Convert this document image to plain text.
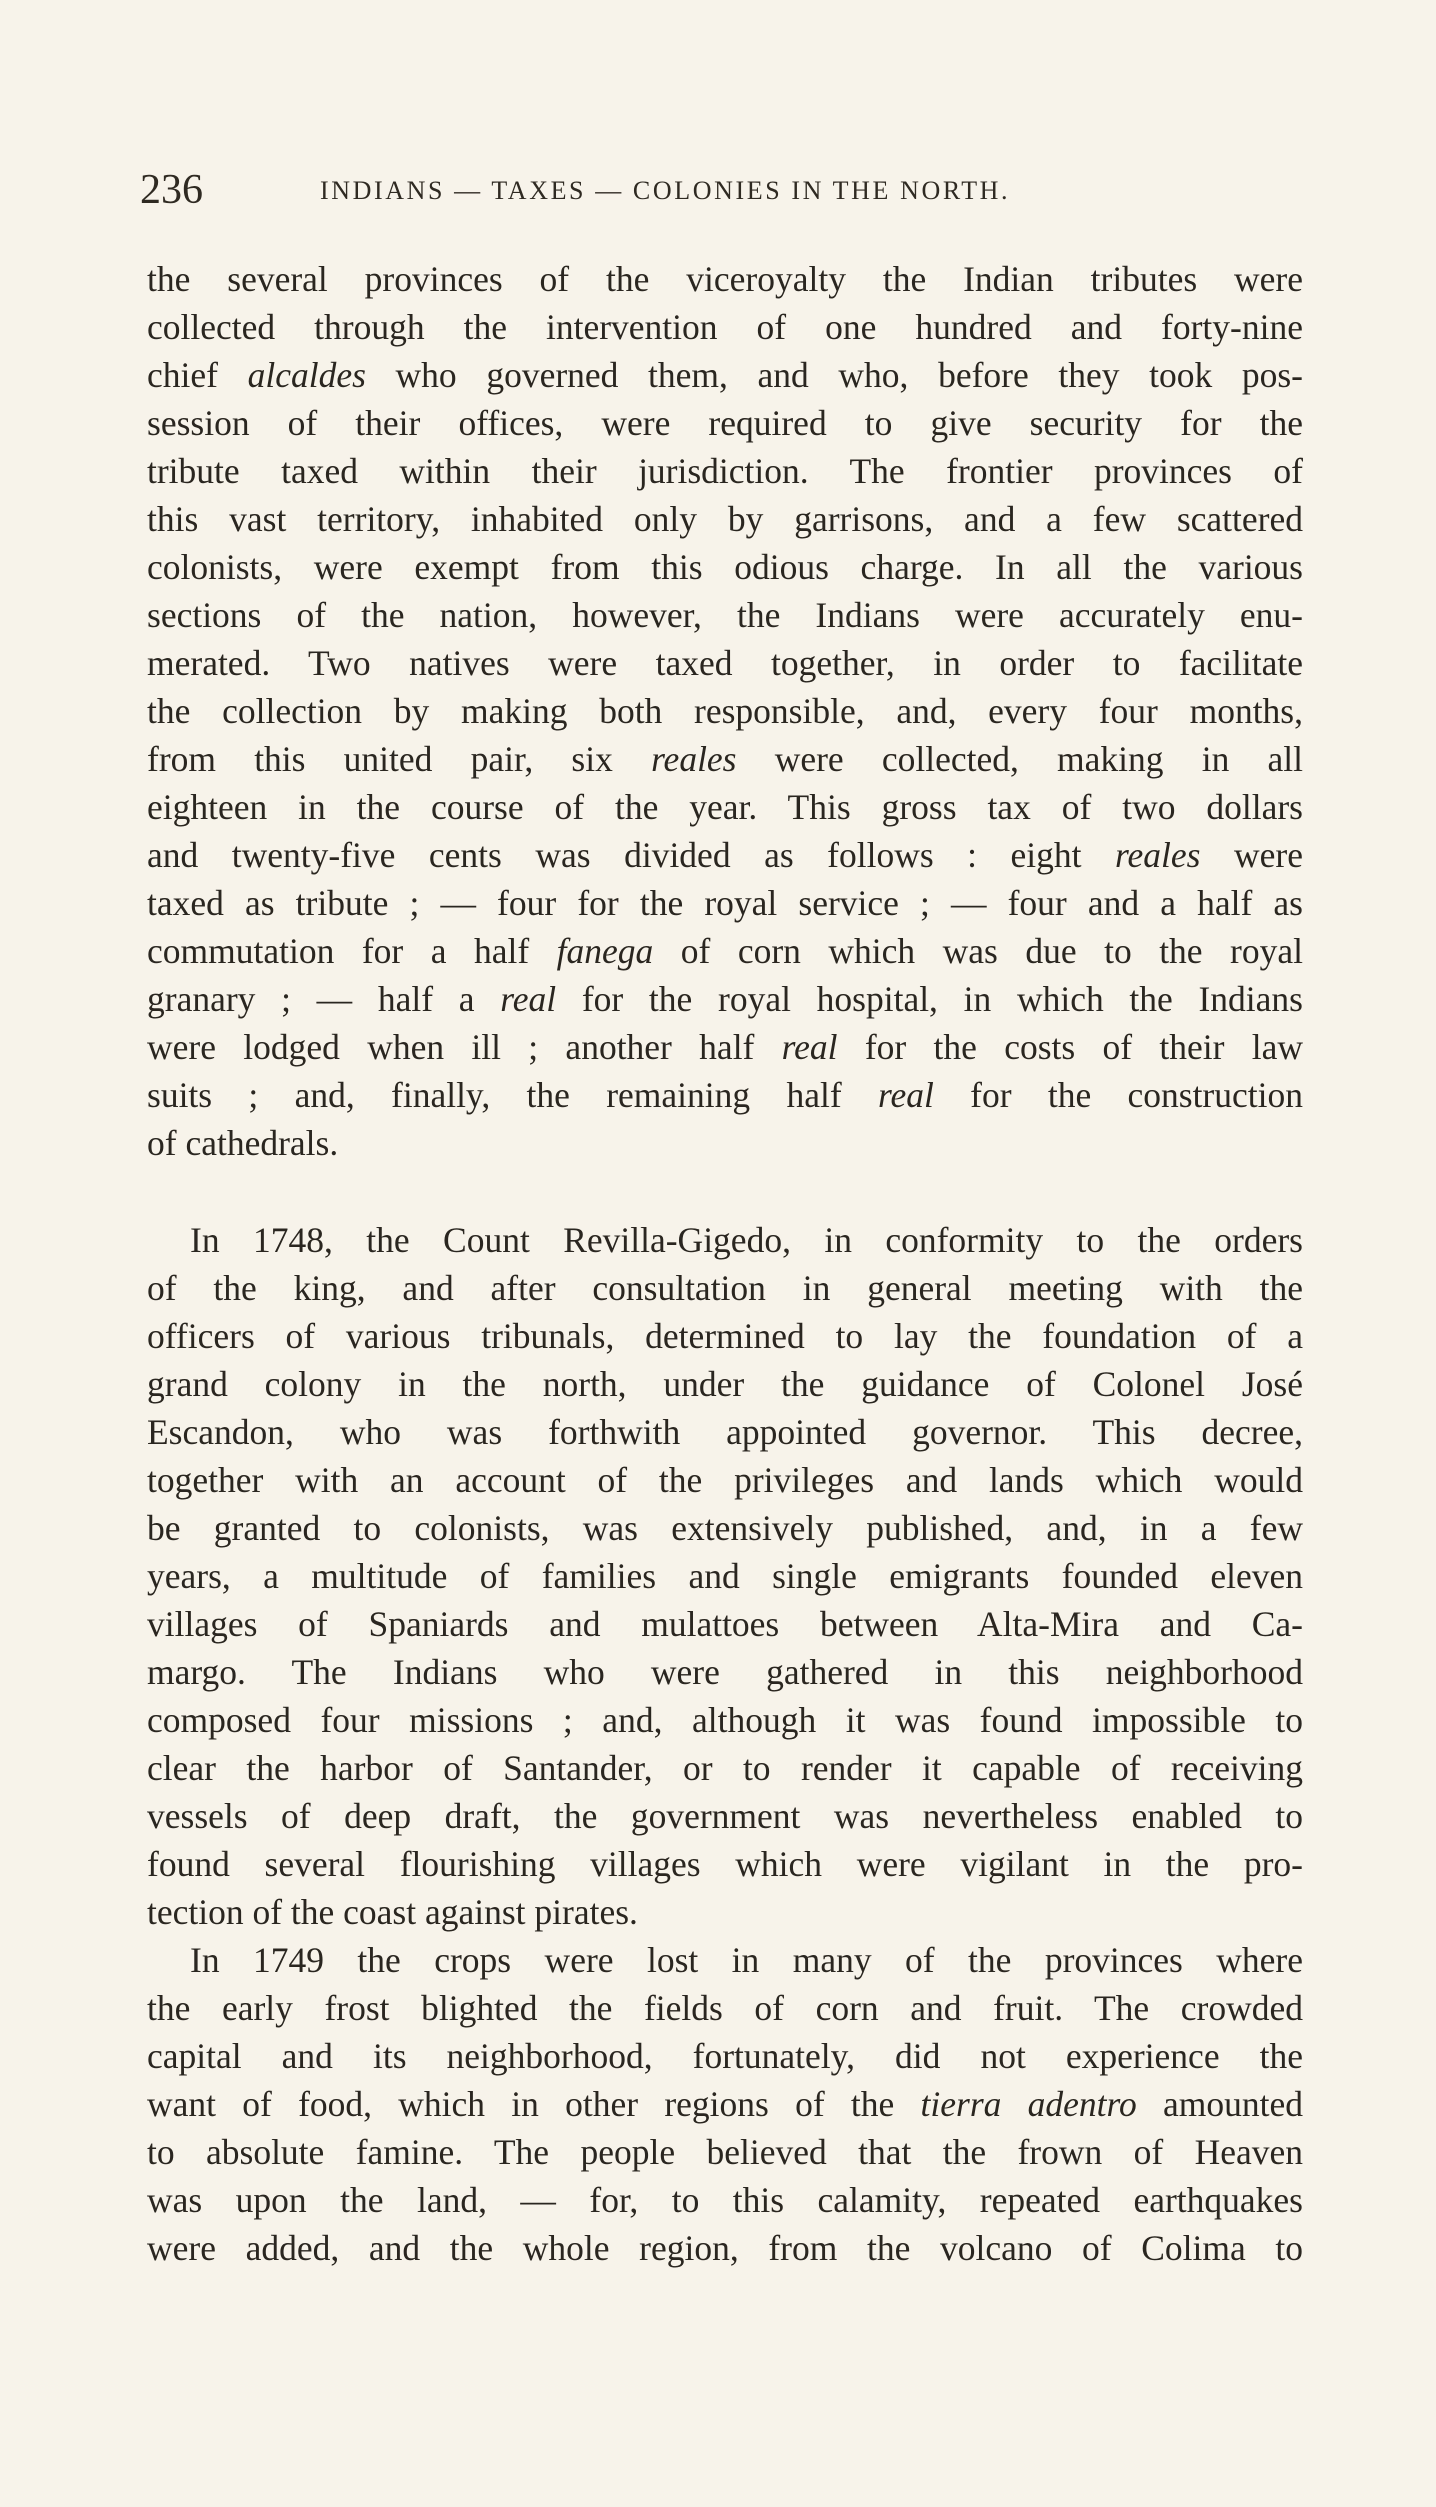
236	INDIANS — TAXES — COLONIES IN THE NORTH.
the several provinces of the viceroyalty the Indian tributes were
collected through the intervention of one hundred and forty-nine
chief alcaldes who governed them, and who, before they took pos-
session of their offices, were required to give security for the
tribute taxed within their jurisdiction. The frontier provinces of
this vast territory, inhabited only by garrisons, and a few scattered
colonists, were exempt from this odious charge. In all the various
sections of the nation, however, the Indians were accurately enu-
merated. Two natives were taxed together, in order to facilitate
the collection by making both responsible, and, every four months,
from this united pair, six reales were collected, making in all
eighteen in the course of the year. This gross tax of two dollars
and twenty-five cents was divided as follows : eight reales were
taxed as tribute ; — four for the royal service ; — four and a half as
commutation for a half fanega of corn which was due to the royal
granary ; — half a real for the royal hospital, in which the Indians
were lodged when ill ; another half real for the costs of their law
suits ; and, finally, the remaining half real for the construction
of cathedrals.
In 1748, the Count Revilla-Gigedo, in conformity to the orders
of the king, and after consultation in general meeting with the
officers of various tribunals, determined to lay the foundation of a
grand colony in the north, under the guidance of Colonel José
Escandon, who was forthwith appointed governor. This decree,
together with an account of the privileges and lands which would
be granted to colonists, was extensively published, and, in a few
years, a multitude of families and single emigrants founded eleven
villages of Spaniards and mulattoes between Alta-Mira and Ca-
margo. The Indians who were gathered in this neighborhood
composed four missions ; and, although it was found impossible to
clear the harbor of Santander, or to render it capable of receiving
vessels of deep draft, the government was nevertheless enabled to
found several flourishing villages which were vigilant in the pro-
tection of the coast against pirates.
In 1749 the crops were lost in many of the provinces where
the early frost blighted the fields of corn and fruit. The crowded
capital and its neighborhood, fortunately, did not experience the
want of food, which in other regions of the tierra adentro amounted
to absolute famine. The people believed that the frown of Heaven
was upon the land, — for, to this calamity, repeated earthquakes
were added, and the whole region, from the volcano of Colima to
